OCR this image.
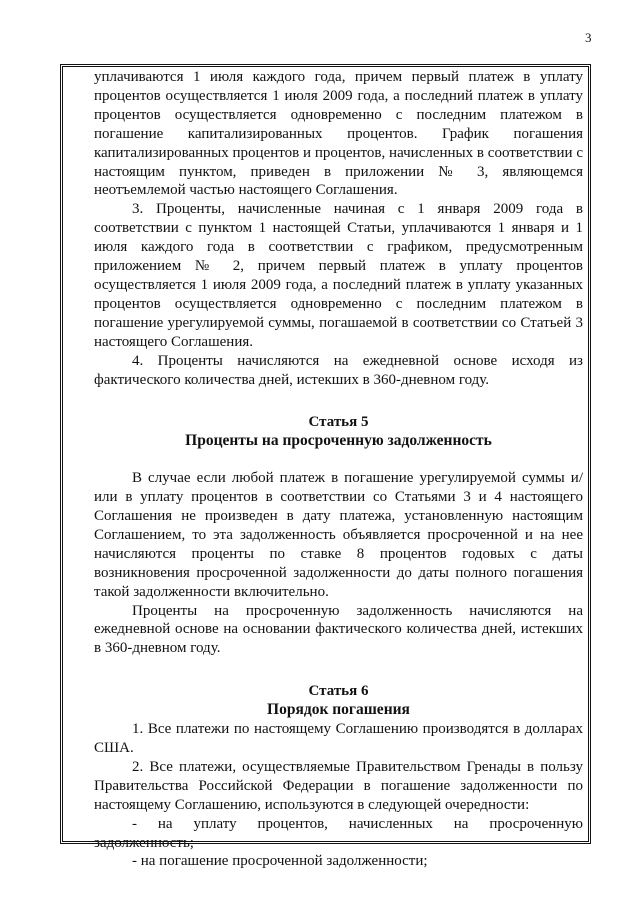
3

уплачиваются 1 июля каждого года, причем первый платеж в уплату процентов осуществляется 1 июля 2009 года, а последний платеж в уплату процентов осуществляется одновременно с последним платежом в погашение капитализированных процентов. График погашения капитализированных процентов и процентов, начисленных в соответствии с настоящим пунктом, приведен в приложении № 3, являющемся неотъемлемой частью настоящего Соглашения.

3. Проценты, начисленные начиная с 1 января 2009 года в соответствии с пунктом 1 настоящей Статьи, уплачиваются 1 января и 1 июля каждого года в соответствии с графиком, предусмотренным приложением № 2, причем первый платеж в уплату процентов осуществляется 1 июля 2009 года, а последний платеж в уплату указанных процентов осуществляется одновременно с последним платежом в погашение урегулируемой суммы, погашаемой в соответствии со Статьей 3 настоящего Соглашения.

4. Проценты начисляются на ежедневной основе исходя из фактического количества дней, истекших в 360-дневном году.

Статья 5

Проценты на просроченную задолженность

В случае если любой платеж в погашение урегулируемой суммы и/или в уплату процентов в соответствии со Статьями 3 и 4 настоящего Соглашения не произведен в дату платежа, установленную настоящим Соглашением, то эта задолженность объявляется просроченной и на нее начисляются проценты по ставке 8 процентов годовых с даты возникновения просроченной задолженности до даты полного погашения такой задолженности включительно.

Проценты на просроченную задолженность начисляются на ежедневной основе на основании фактического количества дней, истекших в 360-дневном году.

Статья 6

Порядок погашения

1. Все платежи по настоящему Соглашению производятся в долларах США.

2. Все платежи, осуществляемые Правительством Гренады в пользу Правительства Российской Федерации в погашение задолженности по настоящему Соглашению, используются в следующей очередности:

- на уплату процентов, начисленных на просроченную задолженность;

- на погашение просроченной задолженности;
